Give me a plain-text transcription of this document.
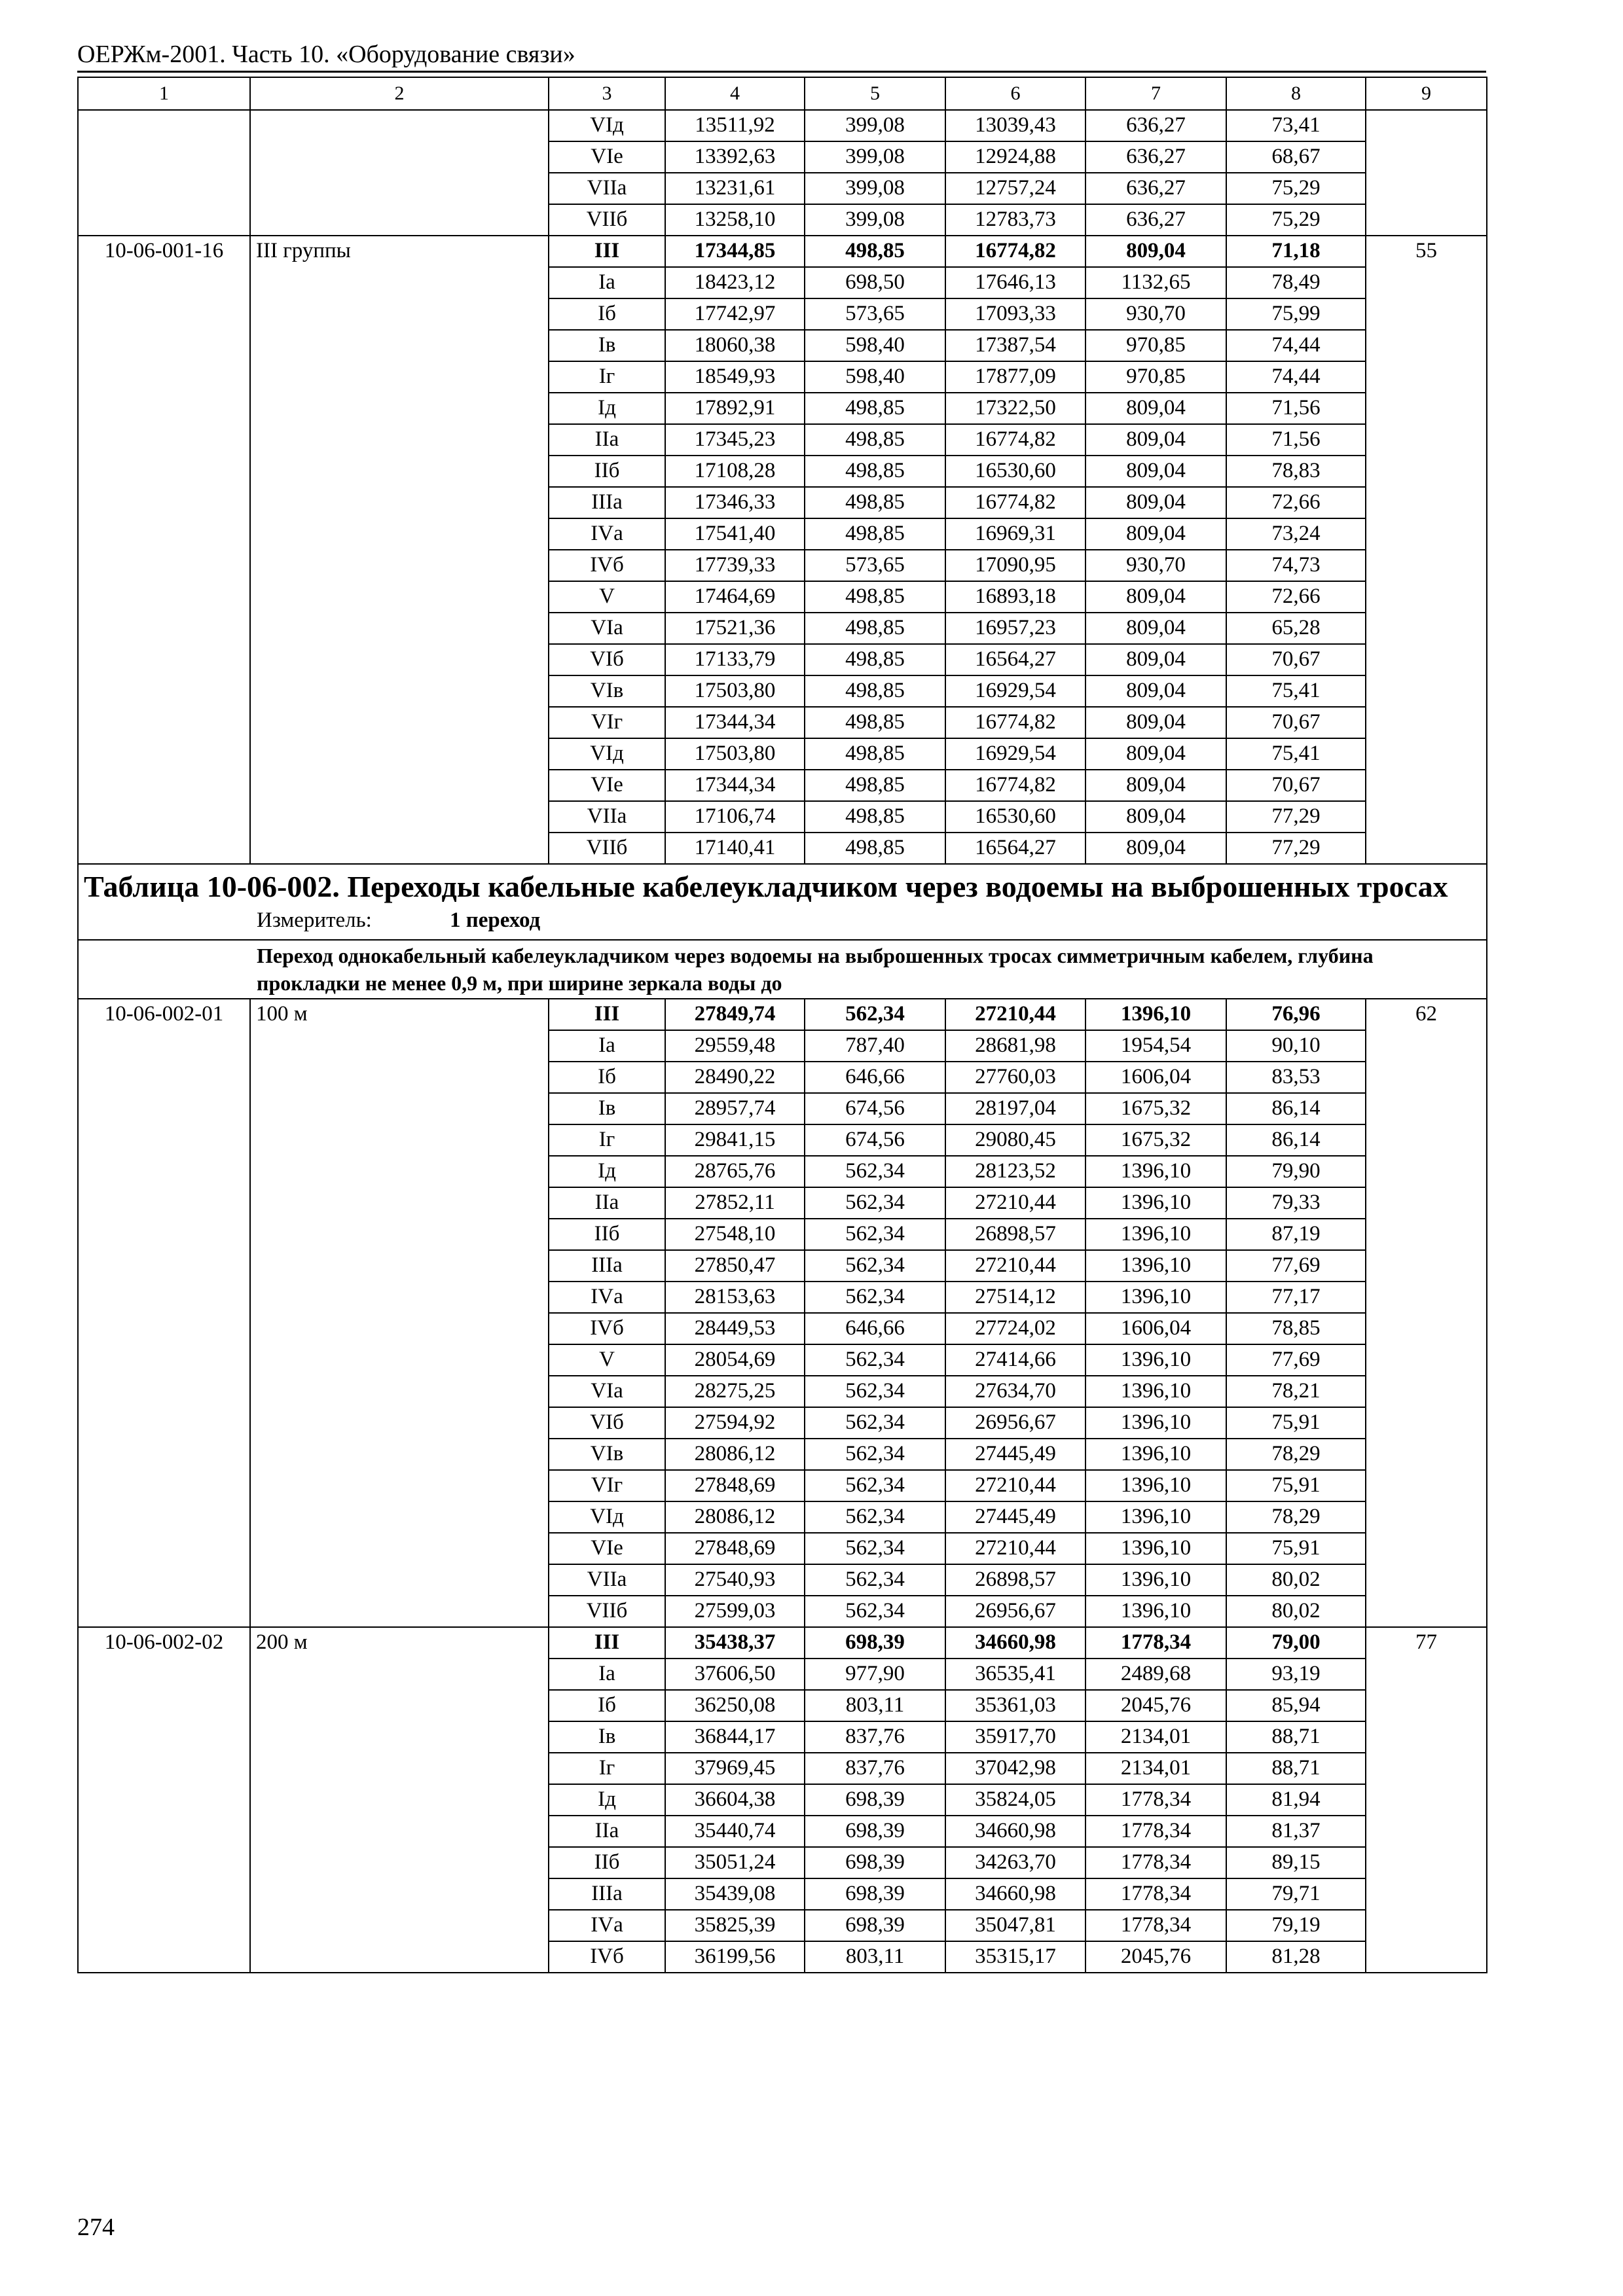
ОЕРЖм-2001. Часть 10. «Оборудование связи»
1	2	3	4	5	6	7	8	9
		VIд	13511,92	399,08	13039,43	636,27	73,41	
		VIе	13392,63	399,08	12924,88	636,27	68,67	
		VIIа	13231,61	399,08	12757,24	636,27	75,29	
		VIIб	13258,10	399,08	12783,73	636,27	75,29	
10-06-001-16	III группы	III	17344,85	498,85	16774,82	809,04	71,18	55
		Iа	18423,12	698,50	17646,13	1132,65	78,49	
		Iб	17742,97	573,65	17093,33	930,70	75,99	
		Iв	18060,38	598,40	17387,54	970,85	74,44	
		Iг	18549,93	598,40	17877,09	970,85	74,44	
		Iд	17892,91	498,85	17322,50	809,04	71,56	
		IIа	17345,23	498,85	16774,82	809,04	71,56	
		IIб	17108,28	498,85	16530,60	809,04	78,83	
		IIIа	17346,33	498,85	16774,82	809,04	72,66	
		IVа	17541,40	498,85	16969,31	809,04	73,24	
		IVб	17739,33	573,65	17090,95	930,70	74,73	
		V	17464,69	498,85	16893,18	809,04	72,66	
		VIа	17521,36	498,85	16957,23	809,04	65,28	
		VIб	17133,79	498,85	16564,27	809,04	70,67	
		VIв	17503,80	498,85	16929,54	809,04	75,41	
		VIг	17344,34	498,85	16774,82	809,04	70,67	
		VIд	17503,80	498,85	16929,54	809,04	75,41	
		VIе	17344,34	498,85	16774,82	809,04	70,67	
		VIIа	17106,74	498,85	16530,60	809,04	77,29	
		VIIб	17140,41	498,85	16564,27	809,04	77,29	

Таблица 10-06-002. Переходы кабельные кабелеукладчиком через водоемы на выброшенных тросах
Измеритель: 1 переход								

Переход однокабельный кабелеукладчиком через водоемы на выброшенных тросах симметричным кабелем, глубина прокладки не менее 0,9 м, при ширине зеркала воды до								
10-06-002-01	100 м	III	27849,74	562,34	27210,44	1396,10	76,96	62
		Iа	29559,48	787,40	28681,98	1954,54	90,10	
		Iб	28490,22	646,66	27760,03	1606,04	83,53	
		Iв	28957,74	674,56	28197,04	1675,32	86,14	
		Iг	29841,15	674,56	29080,45	1675,32	86,14	
		Iд	28765,76	562,34	28123,52	1396,10	79,90	
		IIа	27852,11	562,34	27210,44	1396,10	79,33	
		IIб	27548,10	562,34	26898,57	1396,10	87,19	
		IIIа	27850,47	562,34	27210,44	1396,10	77,69	
		IVа	28153,63	562,34	27514,12	1396,10	77,17	
		IVб	28449,53	646,66	27724,02	1606,04	78,85	
		V	28054,69	562,34	27414,66	1396,10	77,69	
		VIа	28275,25	562,34	27634,70	1396,10	78,21	
		VIб	27594,92	562,34	26956,67	1396,10	75,91	
		VIв	28086,12	562,34	27445,49	1396,10	78,29	
		VIг	27848,69	562,34	27210,44	1396,10	75,91	
		VIд	28086,12	562,34	27445,49	1396,10	78,29	
		VIе	27848,69	562,34	27210,44	1396,10	75,91	
		VIIа	27540,93	562,34	26898,57	1396,10	80,02	
		VIIб	27599,03	562,34	26956,67	1396,10	80,02	
10-06-002-02	200 м	III	35438,37	698,39	34660,98	1778,34	79,00	77
		Iа	37606,50	977,90	36535,41	2489,68	93,19	
		Iб	36250,08	803,11	35361,03	2045,76	85,94	
		Iв	36844,17	837,76	35917,70	2134,01	88,71	
		Iг	37969,45	837,76	37042,98	2134,01	88,71	
		Iд	36604,38	698,39	35824,05	1778,34	81,94	
		IIа	35440,74	698,39	34660,98	1778,34	81,37	
		IIб	35051,24	698,39	34263,70	1778,34	89,15	
		IIIа	35439,08	698,39	34660,98	1778,34	79,71	
		IVа	35825,39	698,39	35047,81	1778,34	79,19	
		IVб	36199,56	803,11	35315,17	2045,76	81,28	
274
